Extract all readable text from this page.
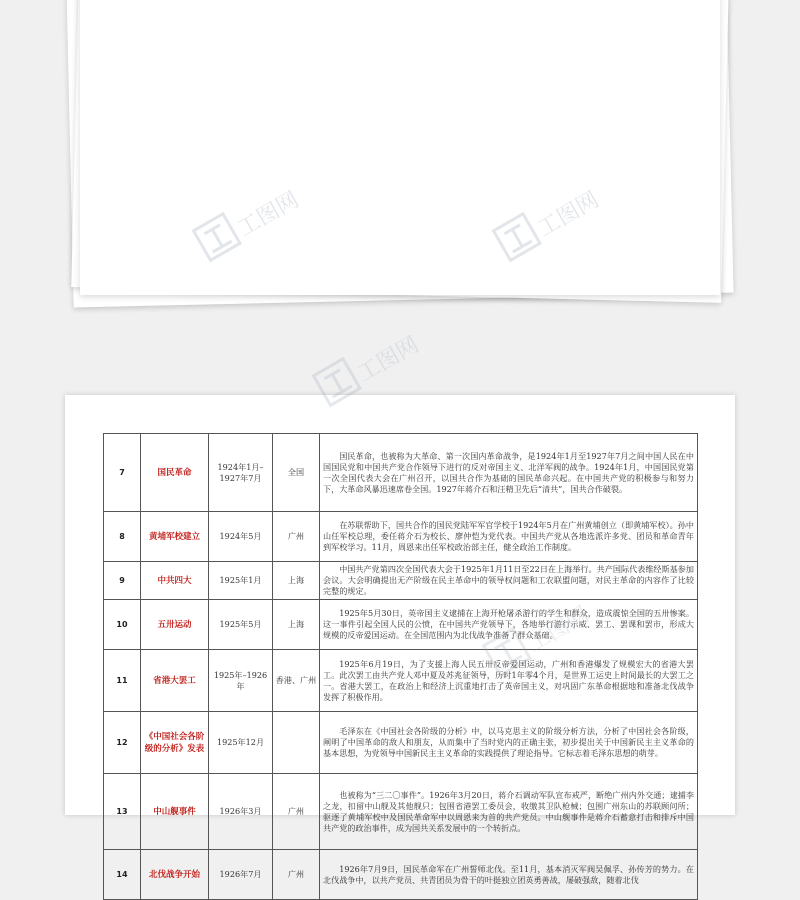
7	国民革命	1924年1月–1927年7月	全国	国民革命，也被称为大革命、第一次国内革命战争，是1924年1月至1927年7月之间中国人民在中国国民党和中国共产党合作领导下进行的反对帝国主义、北洋军阀的战争。1924年1月，中国国民党第一次全国代表大会在广州召开，以国共合作为基础的国民革命兴起。在中国共产党的积极参与和努力下，大革命风暴迅速席卷全国。1927年蒋介石和汪精卫先后“清共”，国共合作破裂。

8	黄埔军校建立	1924年5月	广州	在苏联帮助下，国共合作的国民党陆军军官学校于1924年5月在广州黄埔创立（即黄埔军校）。孙中山任军校总理，委任蒋介石为校长、廖仲恺为党代表。中国共产党从各地选派许多党、团员和革命青年到军校学习。11月，周恩来出任军校政治部主任，健全政治工作制度。

9	中共四大	1925年1月	上海	中国共产党第四次全国代表大会于1925年1月11日至22日在上海举行。共产国际代表维经斯基参加会议。大会明确提出无产阶级在民主革命中的领导权问题和工农联盟问题，对民主革命的内容作了比较完整的规定。

10	五卅运动	1925年5月	上海	1925年5月30日，英帝国主义逮捕在上海开枪屠杀游行的学生和群众，造成震惊全国的五卅惨案。这一事件引起全国人民的公愤，在中国共产党领导下，各地举行游行示威、罢工、罢课和罢市，形成大规模的反帝爱国运动。在全国范围内为北伐战争准备了群众基础。

11	省港大罢工	1925年–1926年	香港、广州	1925年6月19日，为了支援上海人民五卅反帝爱国运动，广州和香港爆发了规模宏大的省港大罢工。此次罢工由共产党人邓中夏及苏兆征领导，历时1年零4个月，是世界工运史上时间最长的大罢工之一。省港大罢工，在政治上和经济上沉重地打击了英帝国主义，对巩固广东革命根据地和准备北伐战争发挥了积极作用。

12	《中国社会各阶级的分析》发表	1925年12月		毛泽东在《中国社会各阶级的分析》中，以马克思主义的阶级分析方法，分析了中国社会各阶级，阐明了中国革命的敌人和朋友，从而集中了当时党内的正确主张，初步提出关于中国新民主主义革命的基本思想，为党领导中国新民主主义革命的实践提供了理论指导。它标志着毛泽东思想的萌芽。

13	中山舰事件	1926年3月	广州	也被称为“三二〇事件”。1926年3月20日，蒋介石调动军队宣布戒严，断绝广州内外交通；逮捕李之龙，扣留中山舰及其他舰只；包围省港罢工委员会，收缴其卫队枪械；包围广州东山的苏联顾问所；驱逐了黄埔军校中及国民革命军中以周恩来为首的共产党员。中山舰事件是蒋介石蓄意打击和排斥中国共产党的政治事件，成为国共关系发展中的一个转折点。

14	北伐战争开始	1926年7月	广州	1926年7月9日，国民革命军在广州誓师北伐。至11月，基本消灭军阀吴佩孚、孙传芳的势力。在北伐战争中，以共产党员、共青团员为骨干的叶挺独立团英勇善战，屡破强敌，随着北伐

工图网	工图网
工图网
工图网
